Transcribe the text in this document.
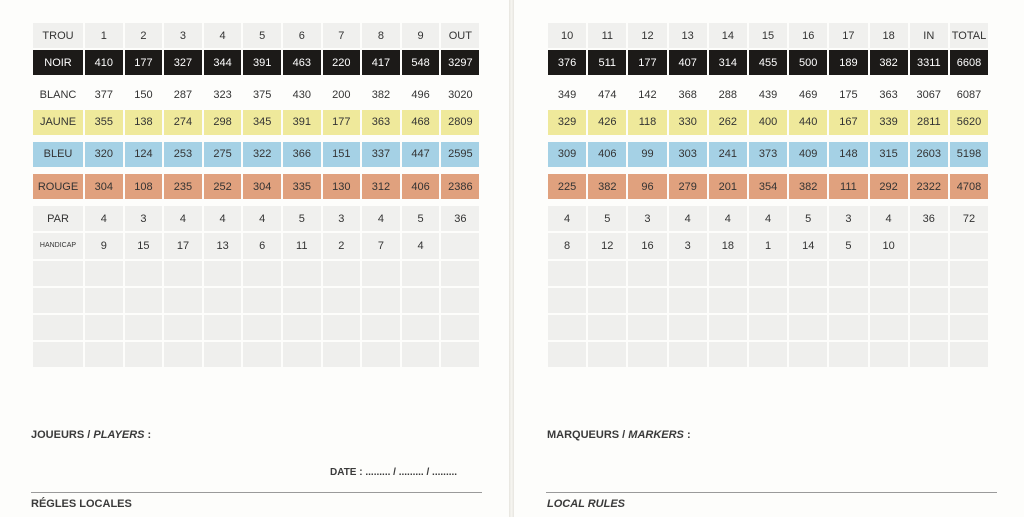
TROU	1	2	3	4	5	6	7	8	9	OUT
NOIR	410	177	327	344	391	463	220	417	548	3297

BLANC	377	150	287	323	375	430	200	382	496	3020
JAUNE	355	138	274	298	345	391	177	363	468	2809

BLEU	320	124	253	275	322	366	151	337	447	2595

ROUGE	304	108	235	252	304	335	130	312	406	2386

PAR	4	3	4	4	4	5	3	4	5	36
HANDICAP	9	15	17	13	6	11	2	7	4	

10	11	12	13	14	15	16	17	18	IN	TOTAL
376	511	177	407	314	455	500	189	382	3311	6608

349	474	142	368	288	439	469	175	363	3067	6087
329	426	118	330	262	400	440	167	339	2811	5620

309	406	99	303	241	373	409	148	315	2603	5198

225	382	96	279	201	354	382	111	292	2322	4708

4	5	3	4	4	4	5	3	4	36	72
8	12	16	3	18	1	14	5	10		

JOUEURS / PLAYERS :	MARQUEURS / MARKERS :
DATE : ......... / ......... / .........
RÉGLES LOCALES	LOCAL RULES
